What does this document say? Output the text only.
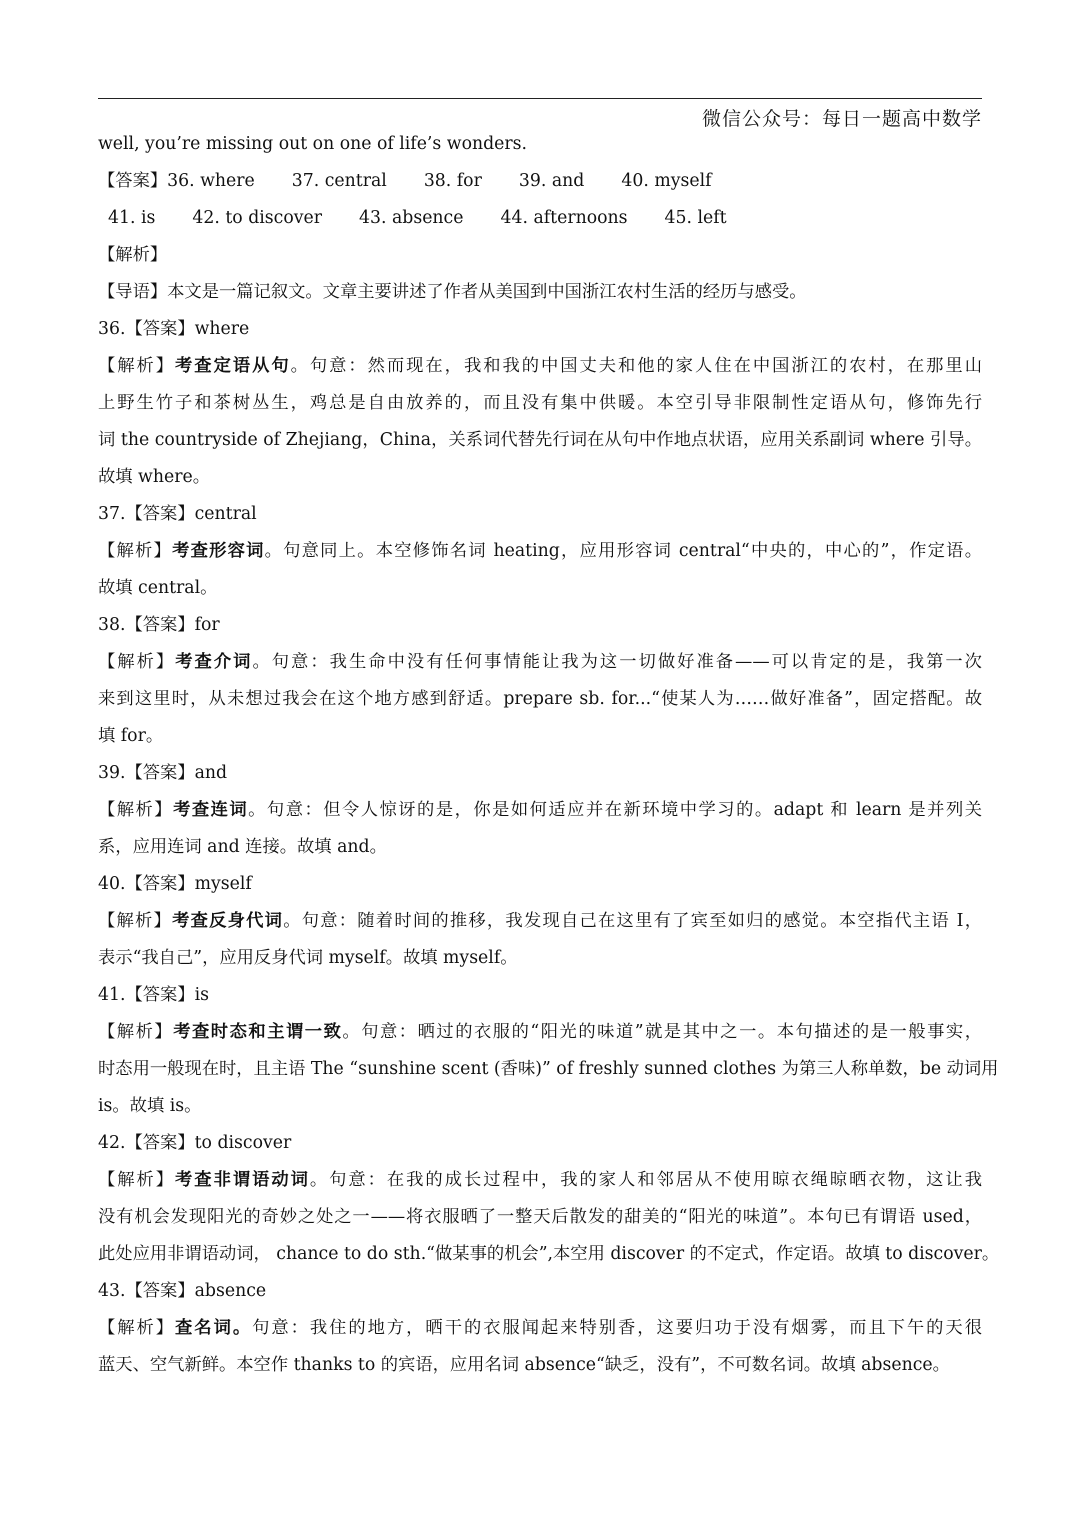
微信公众号：每日一题高中数学
well, you’re missing out on one of life’s wonders.
【答案】36. where 37. central 38. for 39. and 40. myself
41. is 42. to discover 43. absence 44. afternoons 45. left
【解析】
【导语】本文是一篇记叙文。文章主要讲述了作者从美国到中国浙江农村生活的经历与感受。
36.【答案】where
【解析】考查定语从句。句意：然而现在，我和我的中国丈夫和他的家人住在中国浙江的农村，在那里山
上野生竹子和茶树丛生，鸡总是自由放养的，而且没有集中供暖。本空引导非限制性定语从句，修饰先行
词 the countryside of Zhejiang，China，关系词代替先行词在从句中作地点状语，应用关系副词 where 引导。
故填 where。
37.【答案】central
【解析】考查形容词。句意同上。本空修饰名词 heating，应用形容词 central“中央的，中心的”，作定语。
故填 central。
38.【答案】for
【解析】考查介词。句意：我生命中没有任何事情能让我为这一切做好准备——可以肯定的是，我第一次
来到这里时，从未想过我会在这个地方感到舒适。prepare sb. for...“使某人为……做好准备”，固定搭配。故
填 for。
39.【答案】and
【解析】考查连词。句意：但令人惊讶的是，你是如何适应并在新环境中学习的。adapt 和 learn 是并列关
系，应用连词 and 连接。故填 and。
40.【答案】myself
【解析】考查反身代词。句意：随着时间的推移，我发现自己在这里有了宾至如归的感觉。本空指代主语 I，
表示“我自己”，应用反身代词 myself。故填 myself。
41.【答案】is
【解析】考查时态和主谓一致。句意：晒过的衣服的“阳光的味道”就是其中之一。本句描述的是一般事实，
时态用一般现在时，且主语 The “sunshine scent (香味)” of freshly sunned clothes 为第三人称单数，be 动词用
is。故填 is。
42.【答案】to discover
【解析】考查非谓语动词。句意：在我的成长过程中，我的家人和邻居从不使用晾衣绳晾晒衣物，这让我
没有机会发现阳光的奇妙之处之一——将衣服晒了一整天后散发的甜美的“阳光的味道”。本句已有谓语 used，
此处应用非谓语动词， chance to do sth.“做某事的机会”,本空用 discover 的不定式，作定语。故填 to discover。
43.【答案】absence
【解析】查名词。句意：我住的地方，晒干的衣服闻起来特别香，这要归功于没有烟雾，而且下午的天很
蓝天、空气新鲜。本空作 thanks to 的宾语，应用名词 absence“缺乏，没有”，不可数名词。故填 absence。
